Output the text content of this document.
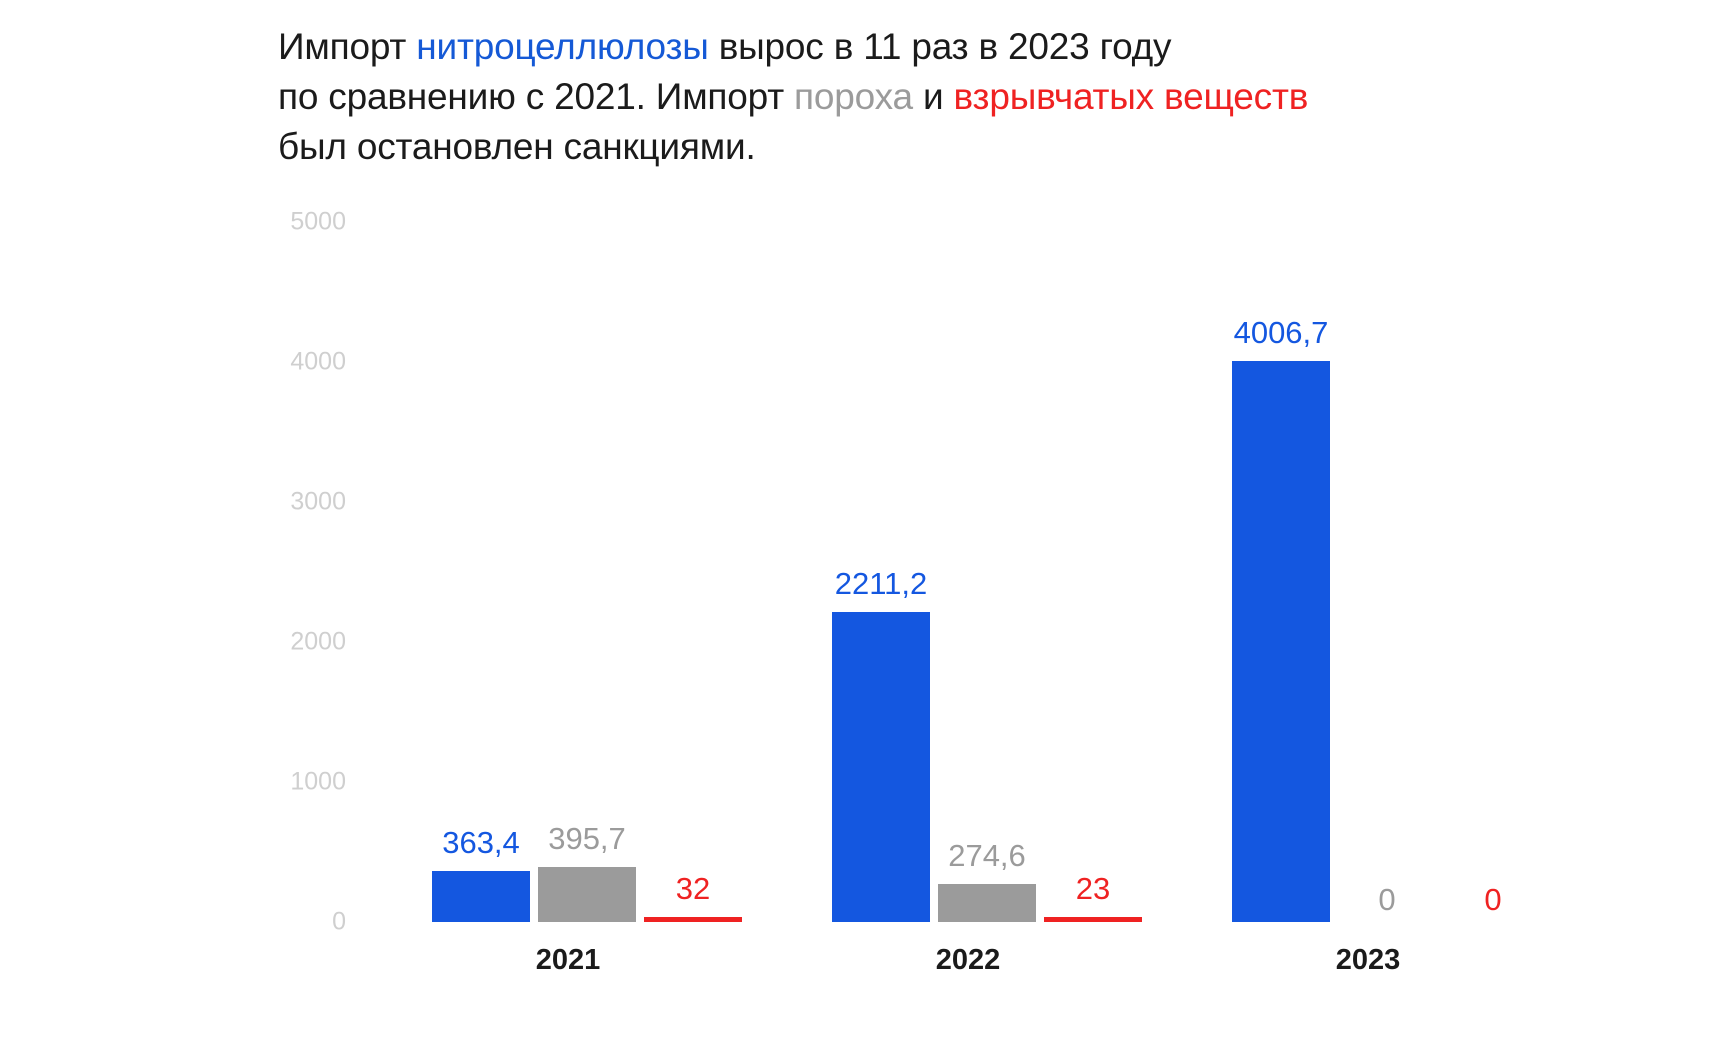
Импорт нитроцеллюлозы вырос в 11 раз в 2023 году
по сравнению с 2021. Импорт пороха и взрывчатых веществ
был остановлен санкциями.
5000
4000
3000
2000
1000
0
363,4 395,7
32
2021
2211,2
274,6
23
2022
4006,7
0	0
2023
